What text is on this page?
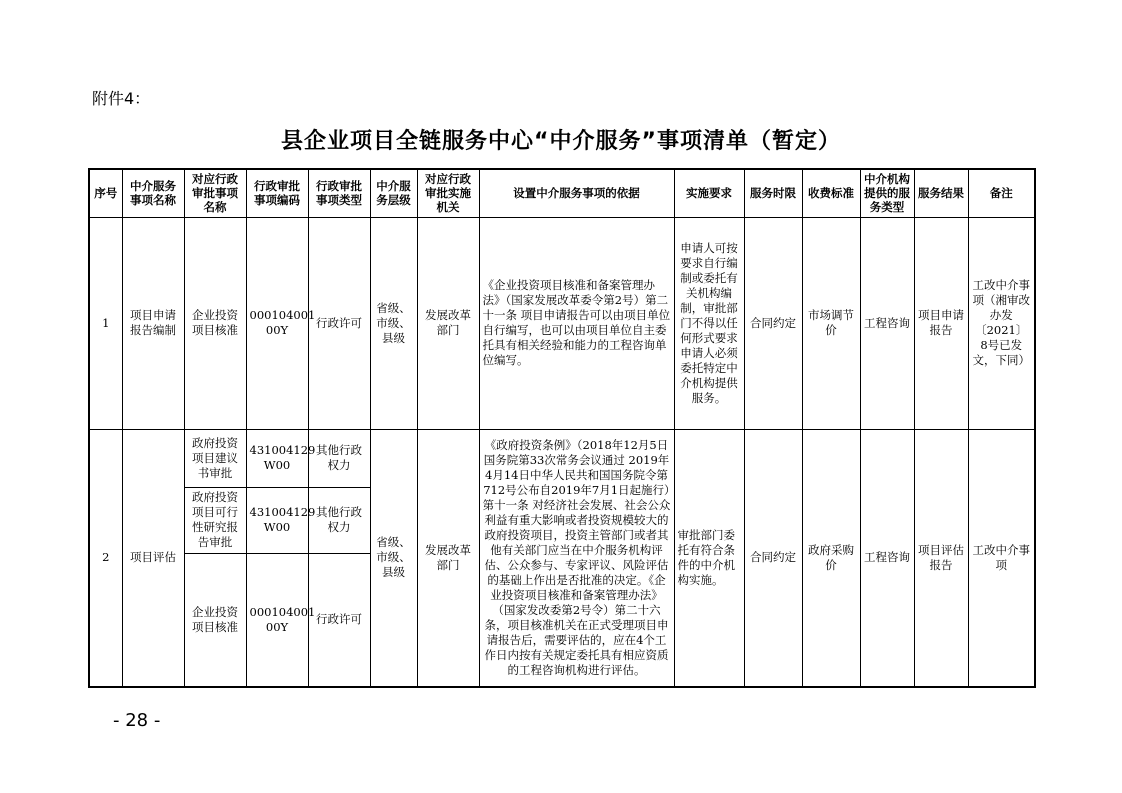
附件4：
县企业项目全链服务中心“中介服务”事项清单（暂定）
序号	中介服务事项名称	对应行政审批事项名称	行政审批事项编码	行政审批事项类型	中介服务层级	对应行政审批实施机关	设置中介服务事项的依据	实施要求	服务时限	收费标准	中介机构提供的服务类型	服务结果	备注
1	项目申请报告编制	企业投资项目核准	000104001 00Y	行政许可	省级、市级、县级	发展改革部门	《企业投资项目核准和备案管理办法》（国家发展改革委令第2号）第二十一条 项目申请报告可以由项目单位自行编写，也可以由项目单位自主委托具有相关经验和能力的工程咨询单位编写。	申请人可按要求自行编制或委托有关机构编制，审批部门不得以任何形式要求申请人必须委托特定中介机构提供服务。	合同约定	市场调节价	工程咨询	项目申请报告	工改中介事项（湘审改办发〔2021〕8号已发文，下同）
2	项目评估	政府投资项目建议书审批	431004129 W00	其他行政权力	省级、市级、县级	发展改革部门	《政府投资条例》（2018年12月5日国务院第33次常务会议通过 2019年4月14日中华人民共和国国务院令第712号公布自2019年7月1日起施行）第十一条 对经济社会发展、社会公众利益有重大影响或者投资规模较大的政府投资项目，投资主管部门或者其他有关部门应当在中介服务机构评估、公众参与、专家评议、风险评估的基础上作出是否批准的决定。《企业投资项目核准和备案管理办法》（国家发改委第2号令）第二十六条，项目核准机关在正式受理项目申请报告后，需要评估的，应在4个工作日内按有关规定委托具有相应资质的工程咨询机构进行评估。	审批部门委托有符合条件的中介机构实施。	合同约定	政府采购价	工程咨询	项目评估报告	工改中介事项
		政府投资项目可行性研究报告审批	431004129 W00	其他行政权力									
		企业投资项目核准	000104001 00Y	行政许可									
- 28 -
